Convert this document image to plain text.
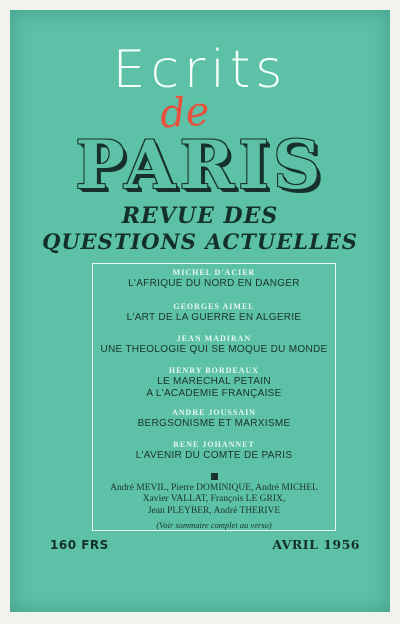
Ecrits
de
PARIS
REVUE DES
QUESTIONS ACTUELLES
MICHEL D'ACIER
L'AFRIQUE DU NORD EN DANGER
GEORGES AIMEL
L'ART DE LA GUERRE EN ALGERIE
JEAN MADIRAN
UNE THEOLOGIE QUI SE MOQUE DU MONDE
HENRY BORDEAUX
LE MARECHAL PETAIN
A L'ACADEMIE FRANÇAISE
ANDRE JOUSSAIN
BERGSONISME ET MARXISME
RENE JOHANNET
L'AVENIR DU COMTE DE PARIS
André MEVIL, Pierre DOMINIQUE, André MICHEL
Xavier VALLAT, François LE GRIX,
Jean PLEYBER, André THERIVE
(Voir sommaire complet au verso)
160 FRS	AVRIL 1956
